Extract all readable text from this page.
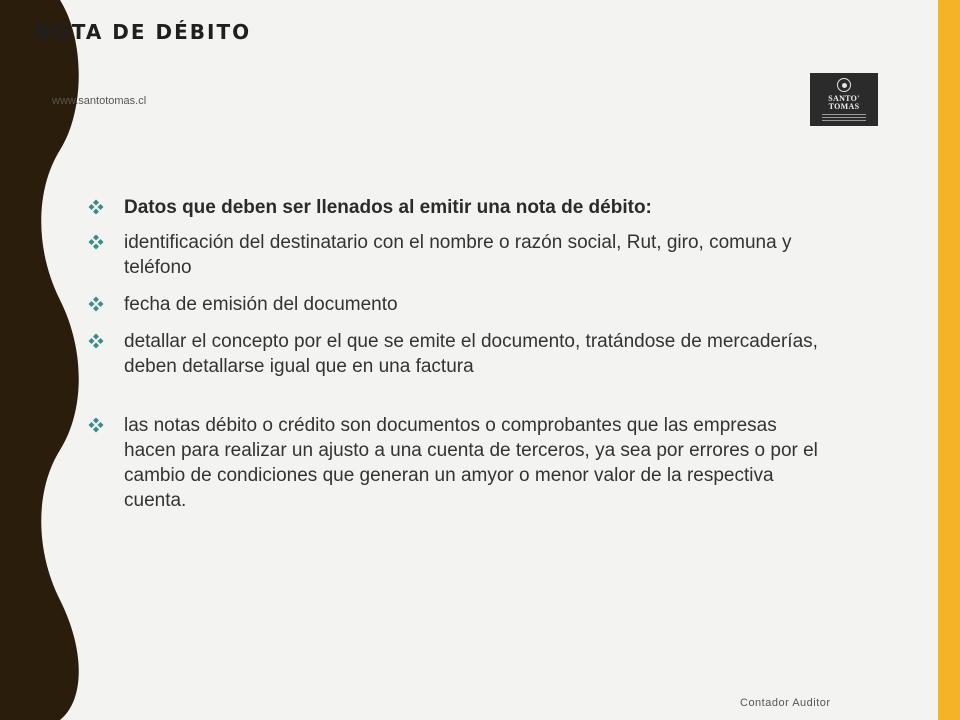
NOTA DE DÉBITO
www.santotomas.cl	SANTO'
TOMAS
Datos que deben ser llenados al emitir una nota de débito:
identificación del destinatario con el nombre o razón social, Rut, giro, comuna y teléfono
fecha de emisión del documento
detallar el concepto por el que se emite el documento, tratándose de mercaderías, deben detallarse igual que en una factura
las notas débito o crédito son documentos o comprobantes que las empresas hacen para realizar un ajusto a una cuenta de terceros, ya sea por errores o por el cambio de condiciones que generan un amyor o menor valor de la respectiva cuenta.
Contador Auditor
